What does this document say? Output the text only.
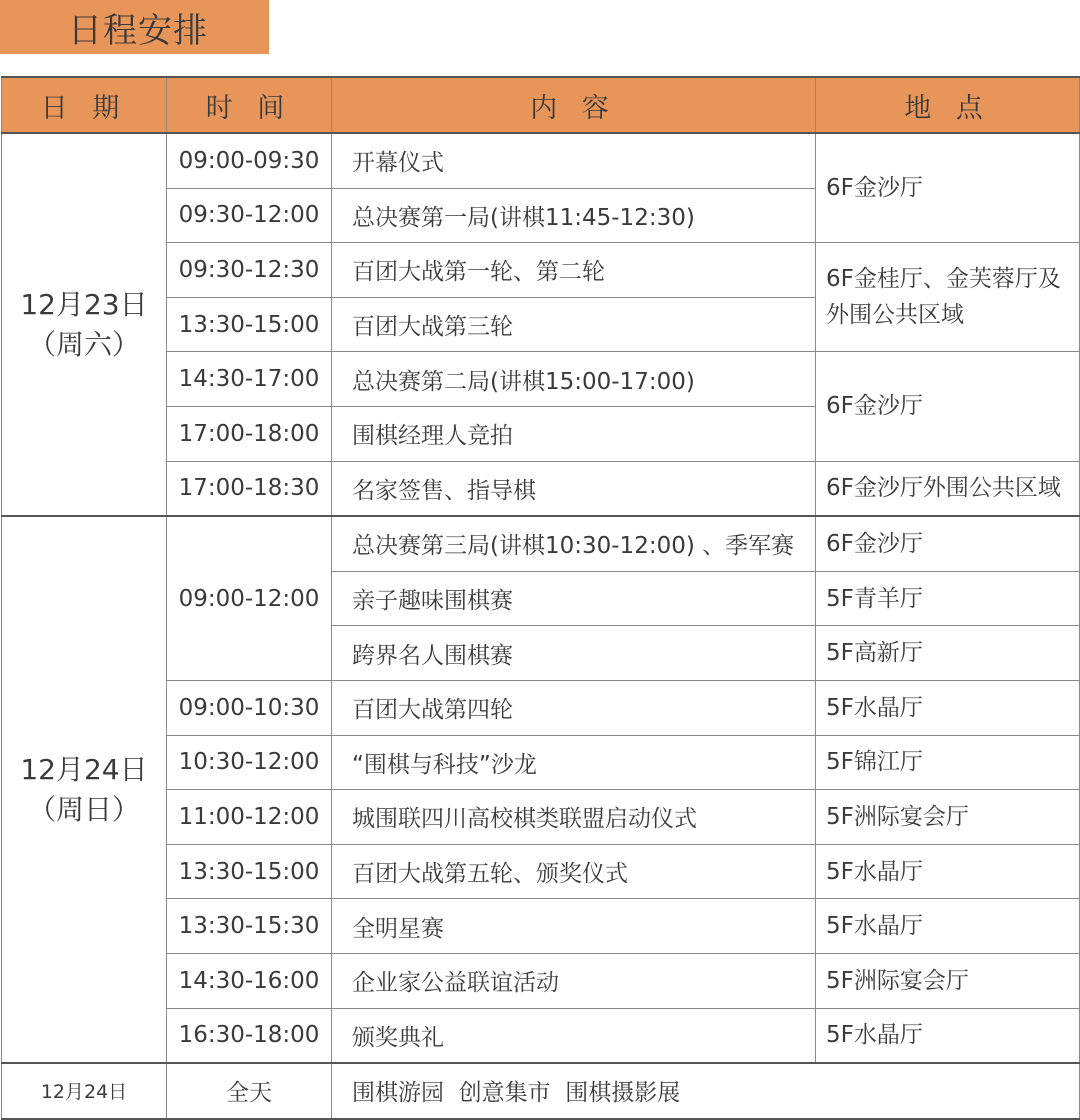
日程安排
日 期	时 间	内 容	地 点

12月23日
（周六）	09:00-09:30	开幕仪式	6F金沙厅
	09:30-12:00	总决赛第一局(讲棋11:45-12:30)	
	09:30-12:30	百团大战第一轮、第二轮	6F金桂厅、金芙蓉厅及外围公共区域
	13:30-15:00	百团大战第三轮	
	14:30-17:00	总决赛第二局(讲棋15:00-17:00)	6F金沙厅
	17:00-18:00	围棋经理人竞拍	
	17:00-18:30	名家签售、指导棋	6F金沙厅外围公共区域

12月24日
（周日）	09:00-12:00	总决赛第三局(讲棋10:30-12:00) 、季军赛	6F金沙厅
		亲子趣味围棋赛	5F青羊厅
		跨界名人围棋赛	5F高新厅
	09:00-10:30	百团大战第四轮	5F水晶厅
	10:30-12:00	“围棋与科技”沙龙	5F锦江厅
	11:00-12:00	城围联四川高校棋类联盟启动仪式	5F洲际宴会厅
	13:30-15:00	百团大战第五轮、颁奖仪式	5F水晶厅
	13:30-15:30	全明星赛	5F水晶厅
	14:30-16:00	企业家公益联谊活动	5F洲际宴会厅
	16:30-18:00	颁奖典礼	5F水晶厅
12月24日	全天	围棋游园  创意集市  围棋摄影展	
